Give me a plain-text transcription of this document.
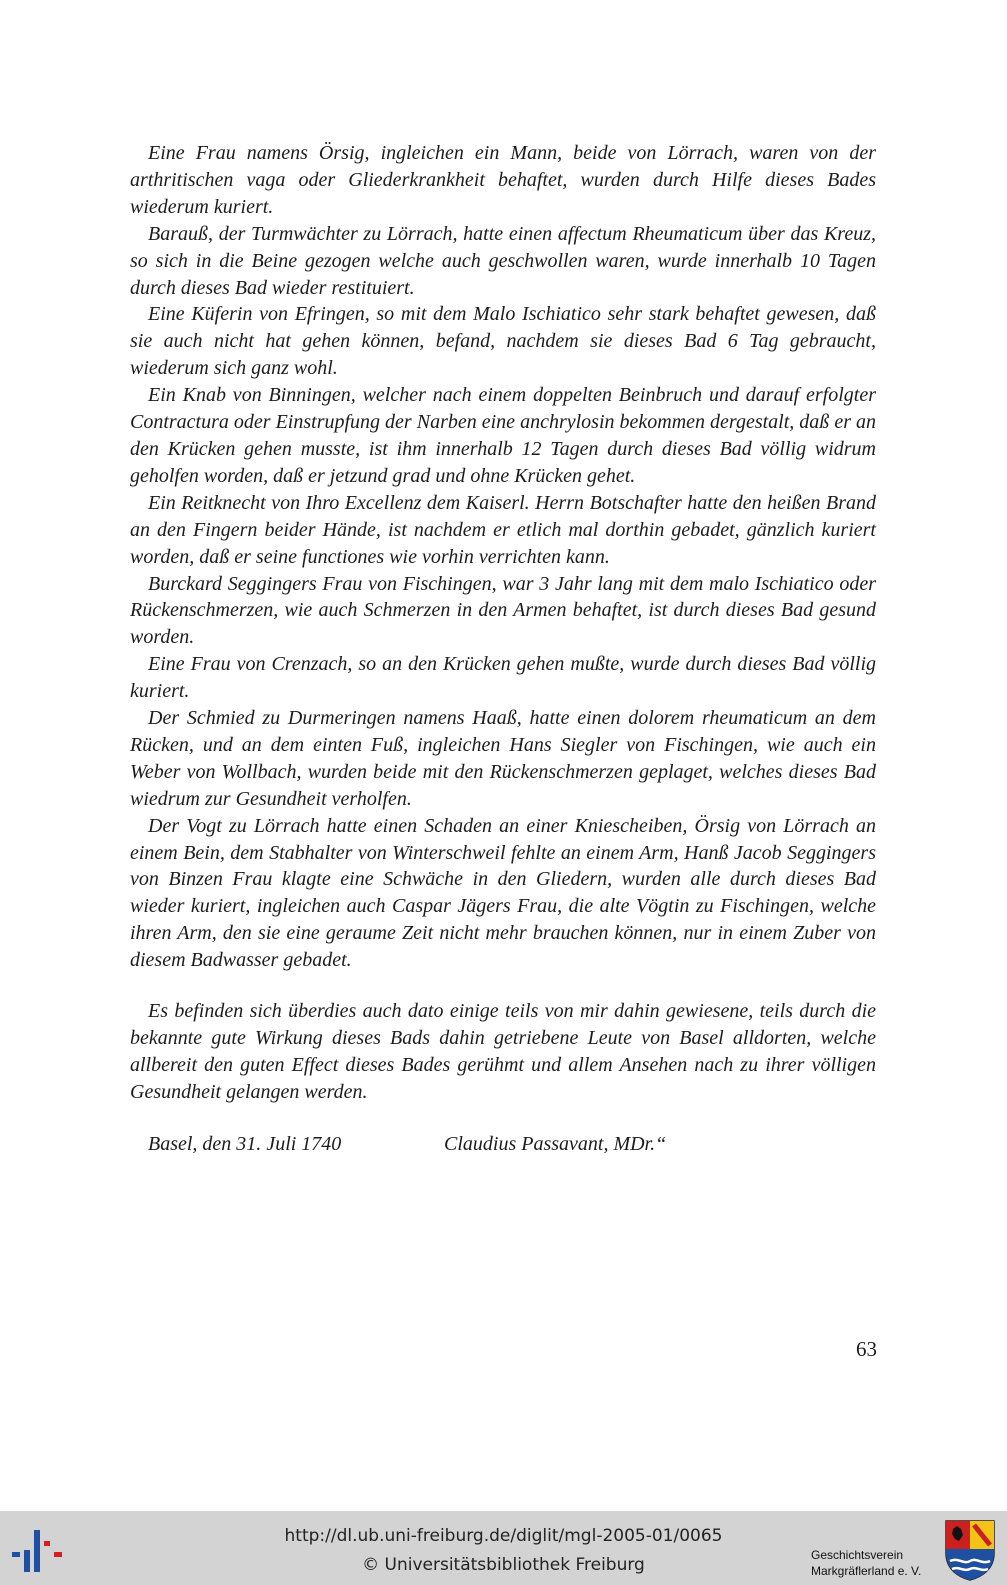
Eine Frau namens Örsig, ingleichen ein Mann, beide von Lörrach, waren von der arthritischen vaga oder Gliederkrankheit behaftet, wurden durch Hilfe dieses Bades wiederum kuriert.

Barauß, der Turmwächter zu Lörrach, hatte einen affectum Rheumaticum über das Kreuz, so sich in die Beine gezogen welche auch geschwollen waren, wurde innerhalb 10 Tagen durch dieses Bad wieder restituiert.

Eine Küferin von Efringen, so mit dem Malo Ischiatico sehr stark behaftet gewesen, daß sie auch nicht hat gehen können, befand, nachdem sie dieses Bad 6 Tag gebraucht, wiederum sich ganz wohl.

Ein Knab von Binningen, welcher nach einem doppelten Beinbruch und darauf erfolgter Contractura oder Einstrupfung der Narben eine anchrylosin bekommen dergestalt, daß er an den Krücken gehen musste, ist ihm innerhalb 12 Tagen durch dieses Bad völlig widrum geholfen worden, daß er jetzund grad und ohne Krücken gehet.

Ein Reitknecht von Ihro Excellenz dem Kaiserl. Herrn Botschafter hatte den heißen Brand an den Fingern beider Hände, ist nachdem er etlich mal dorthin gebadet, gänzlich kuriert worden, daß er seine functiones wie vorhin verrichten kann.

Burckard Seggingers Frau von Fischingen, war 3 Jahr lang mit dem malo Ischiatico oder Rückenschmerzen, wie auch Schmerzen in den Armen behaftet, ist durch dieses Bad gesund worden.

Eine Frau von Crenzach, so an den Krücken gehen mußte, wurde durch dieses Bad völlig kuriert.

Der Schmied zu Durmeringen namens Haaß, hatte einen dolorem rheumaticum an dem Rücken, und an dem einten Fuß, ingleichen Hans Siegler von Fischingen, wie auch ein Weber von Wollbach, wurden beide mit den Rückenschmerzen geplaget, welches dieses Bad wiedrum zur Gesundheit verholfen.

Der Vogt zu Lörrach hatte einen Schaden an einer Kniescheiben, Örsig von Lörrach an einem Bein, dem Stabhalter von Winterschweil fehlte an einem Arm, Hanß Jacob Seggingers von Binzen Frau klagte eine Schwäche in den Gliedern, wurden alle durch dieses Bad wieder kuriert, ingleichen auch Caspar Jägers Frau, die alte Vögtin zu Fischingen, welche ihren Arm, den sie eine geraume Zeit nicht mehr brauchen können, nur in einem Zuber von diesem Badwasser gebadet.

Es befinden sich überdies auch dato einige teils von mir dahin gewiesene, teils durch die bekannte gute Wirkung dieses Bads dahin getriebene Leute von Basel alldorten, welche allbereit den guten Effect dieses Bades gerühmt und allem Ansehen nach zu ihrer völligen Gesundheit gelangen werden.

Basel, den 31. Juli 1740	Claudius Passavant, MDr.“
63
http://dl.ub.uni-freiburg.de/diglit/mgl-2005-01/0065
© Universitätsbibliothek Freiburg	Geschichtsverein
Markgräflerland e. V.
